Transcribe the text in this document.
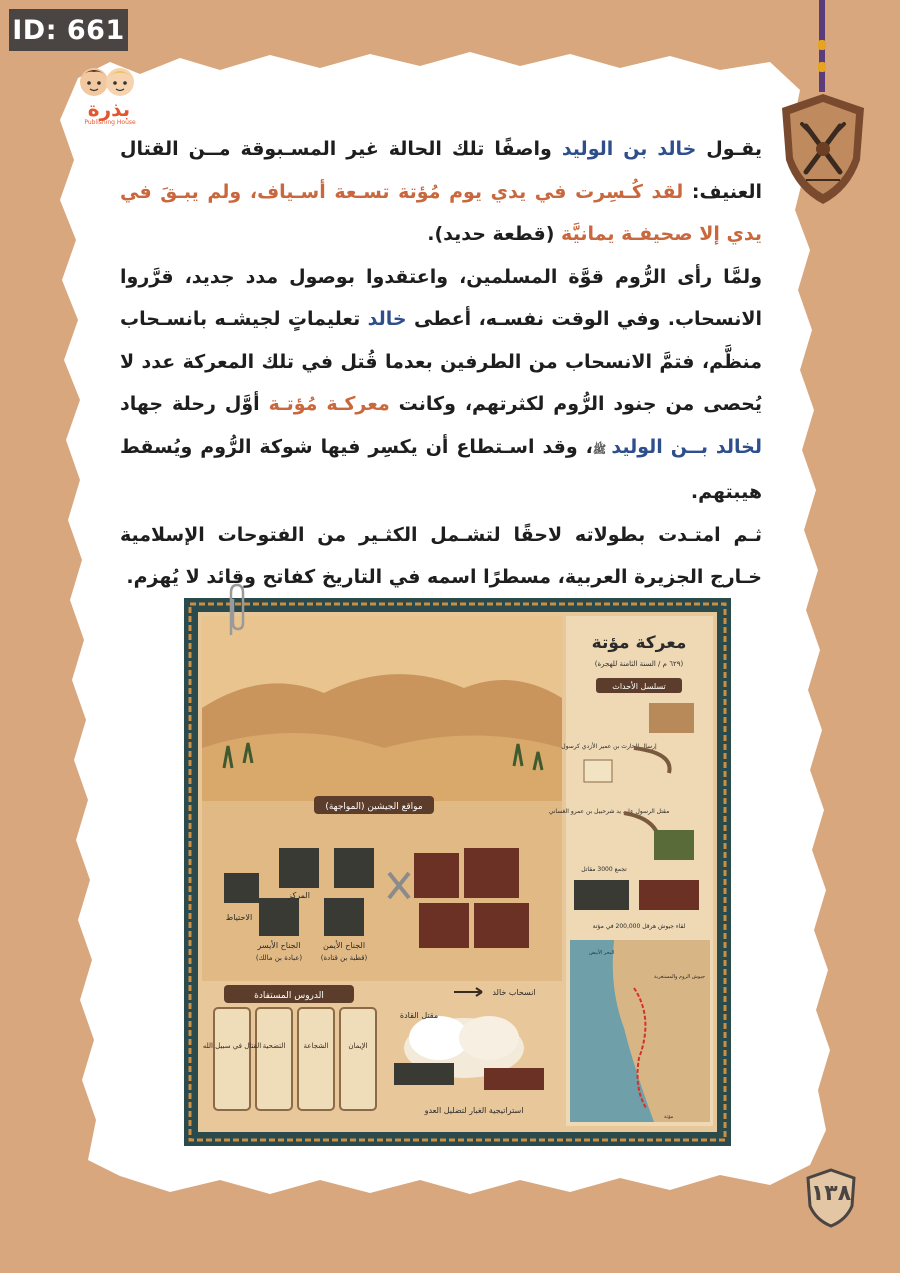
ID: 661
بذرة
Publishing House

يقـول خالد بن الوليد واصفًا تلك الحالة غير المسـبوقة مــن القتال العنيف: لقد كُـسِرت في يدي يوم مُؤتة تسـعة أسـياف، ولم يبـقَ في يدي إلا صحيفـة يمانيَّة (قطعة حديد).

ولمَّا رأى الرُّوم قوَّة المسلمين، واعتقدوا بوصول مدد جديد، قرَّروا الانسحاب. وفي الوقت نفسـه، أعطى خالد تعليماتٍ لجيشـه بانسـحاب منظَّم، فتمَّ الانسحاب من الطرفين بعدما قُتل في تلك المعركة عدد لا يُحصى من جنود الرُّوم لكثرتهم، وكانت معركـة مُؤتـة أوَّل رحلة جهاد لخالد بــن الوليد ﷺ، وقد اسـتطاع أن يكسِر فيها شوكة الرُّوم ويُسقط هيبتهم.

ثـم امتـدت بطولاته لاحقًا لتشـمل الكثـير من الفتوحات الإسلامية خـارج الجزيرة العربية، مسطرًا اسمه في التاريخ كفاتح وقائد لا يُهزم.

مواقع الجيشين (المواجهة)
الاحتياط
المركز
الجناح الأيسر
(عبادة بن مالك)
الجناح الأيمن
(قطبة بن قتادة)
الدروس المستفادة
القتال في سبيل الله التضحية	الشجاعة	الإيمان
انسحاب خالد
مقتل القادة
استراتيجية الغبار لتضليل العدو
معركة مؤتة
(٦٢٩ م / السنة الثامنة للهجرة)
تسلسل الأحداث
إرسال الحارث بن عمير الأزدي كرسول
مقتل الرسول على يد شرحبيل بن عمرو الغساني
تجمع 3000 مقاتل
لقاء جيوش هرقل 200,000 في مؤتة
البحر الأبيض
جيوش الروم والمستعربة
مؤتة
١٣٨
